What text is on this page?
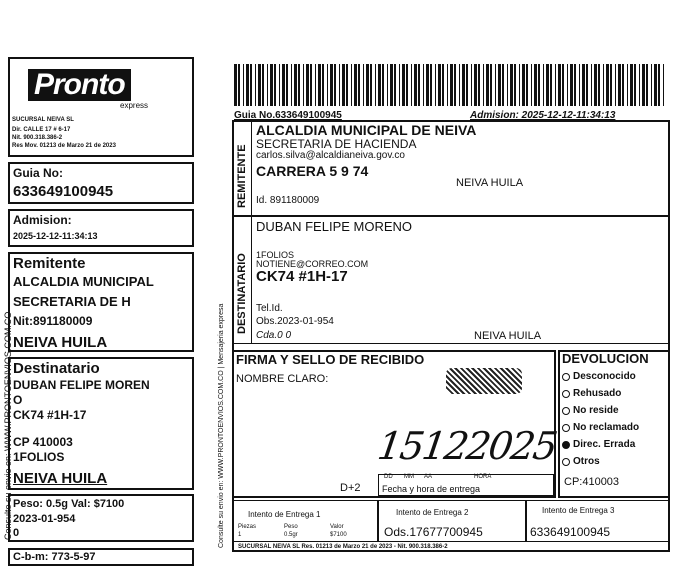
Consulte su envio en: WWW.PRONTOENVIOS.COM.CO
Pronto
express
SUCURSAL NEIVA SL
Dir. CALLE 17 # 6-17
Nit. 900.318.386-2
Res Mov. 01213 de Marzo 21 de 2023
Guia No:
633649100945
Admision:
2025-12-12-11:34:13
Remitente
ALCALDIA MUNICIPAL
SECRETARIA DE H
Nit:891180009
NEIVA HUILA
Destinatario
DUBAN FELIPE MOREN
O
CK74 #1H-17
CP 410003
1FOLIOS
NEIVA HUILA
Peso: 0.5g Val: $7100
2023-01-954
0
C-b-m: 773-5-97
Guia No.633649100945	Admision: 2025-12-12-11:34:13
Consulte su envio en: WWW.PRONTOENVIOS.COM.CO | Mensajeria expresa
REMITENTE
ALCALDIA MUNICIPAL DE NEIVA
SECRETARIA DE HACIENDA
carlos.silva@alcaldianeiva.gov.co
CARRERA 5 9 74
NEIVA HUILA
Id. 891180009
DESTINATARIO
DUBAN FELIPE MORENO
1FOLIOS
NOTIENE@CORREO.COM
CK74 #1H-17
Tel.Id.
Obs.2023-01-954
Cda.0 0	NEIVA HUILA
FIRMA Y SELLO DE RECIBIDO
NOMBRE CLARO:
15122025
D+2
DD MM AA	HORA
Fecha y hora de entrega
DEVOLUCION
Desconocido
Rehusado
No reside
No reclamado
Direc. Errada
Otros
CP:410003
Intento de Entrega 1	Intento de Entrega 2	Intento de Entrega 3
Piezas	Peso	Valor
1	0.5gr	$7100	Ods.17677700945	633649100945
SUCURSAL NEIVA SL Res. 01213 de Marzo 21 de 2023 - Nit. 900.318.386-2
